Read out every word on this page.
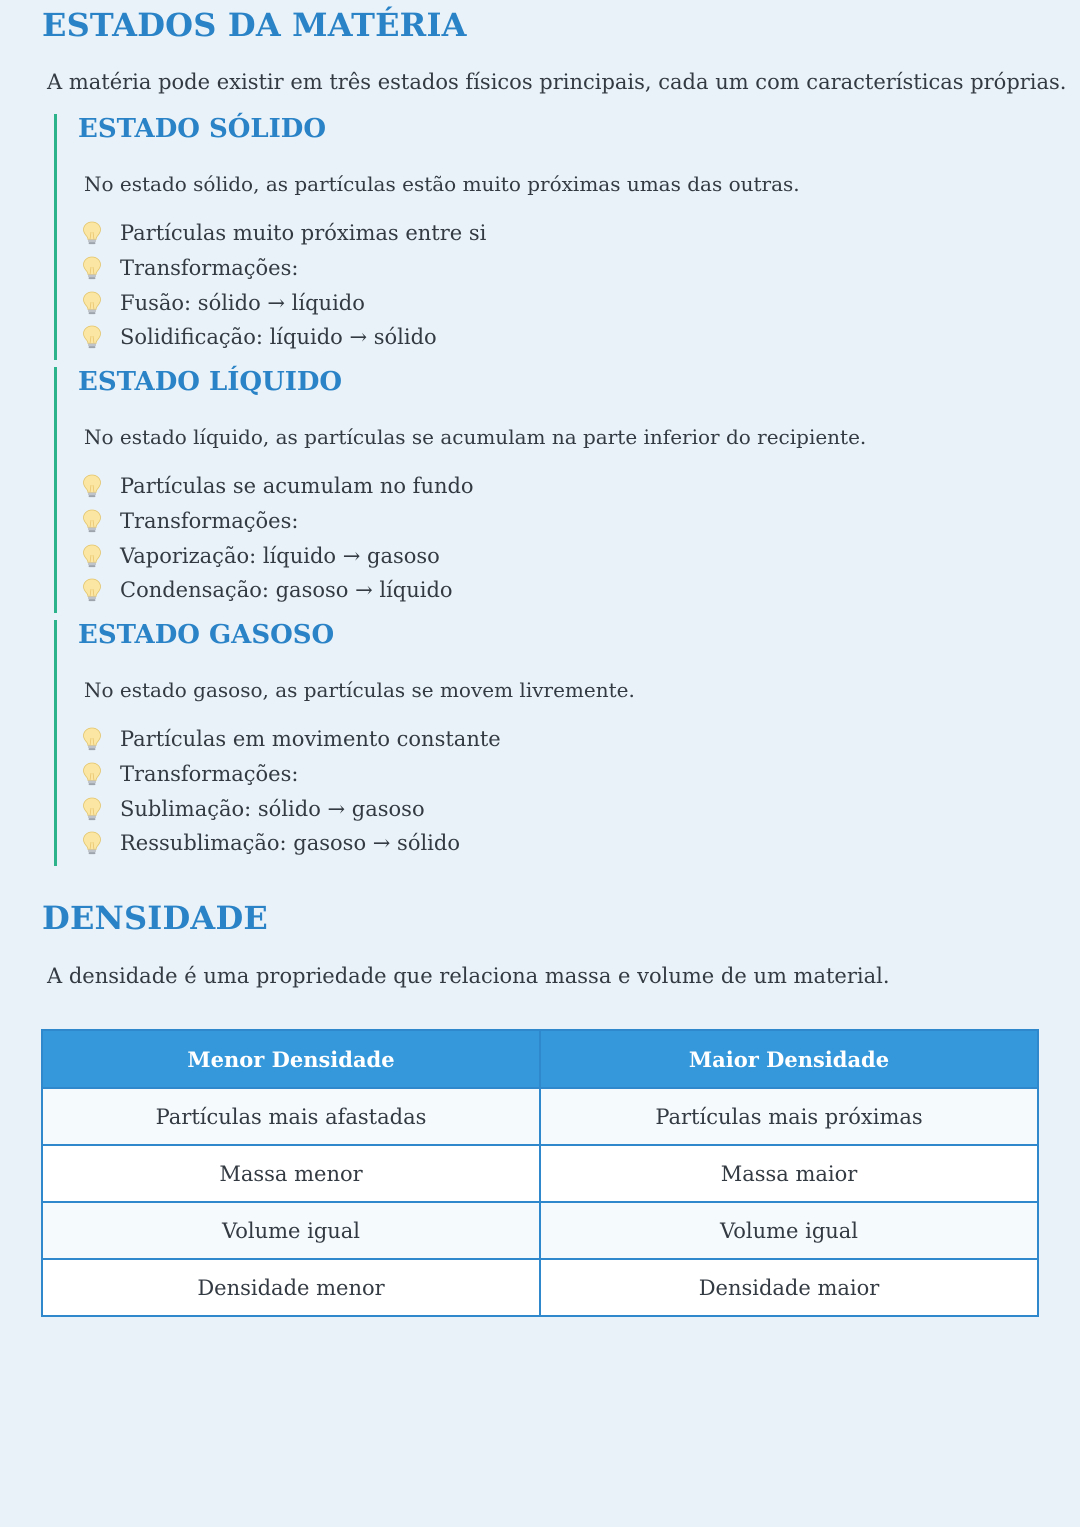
ESTADOS DA MATÉRIA

A matéria pode existir em três estados físicos principais, cada um com características próprias.

ESTADO SÓLIDO

No estado sólido, as partículas estão muito próximas umas das outras.

Partículas muito próximas entre si
Transformações:
Fusão: sólido → líquido
Solidificação: líquido → sólido
ESTADO LÍQUIDO

No estado líquido, as partículas se acumulam na parte inferior do recipiente.

Partículas se acumulam no fundo
Transformações:
Vaporização: líquido → gasoso
Condensação: gasoso → líquido
ESTADO GASOSO

No estado gasoso, as partículas se movem livremente.

Partículas em movimento constante
Transformações:
Sublimação: sólido → gasoso
Ressublimação: gasoso → sólido
DENSIDADE

A densidade é uma propriedade que relaciona massa e volume de um material.

Menor Densidade	Maior Densidade
Partículas mais afastadas	Partículas mais próximas
Massa menor	Massa maior
Volume igual	Volume igual
Densidade menor	Densidade maior
